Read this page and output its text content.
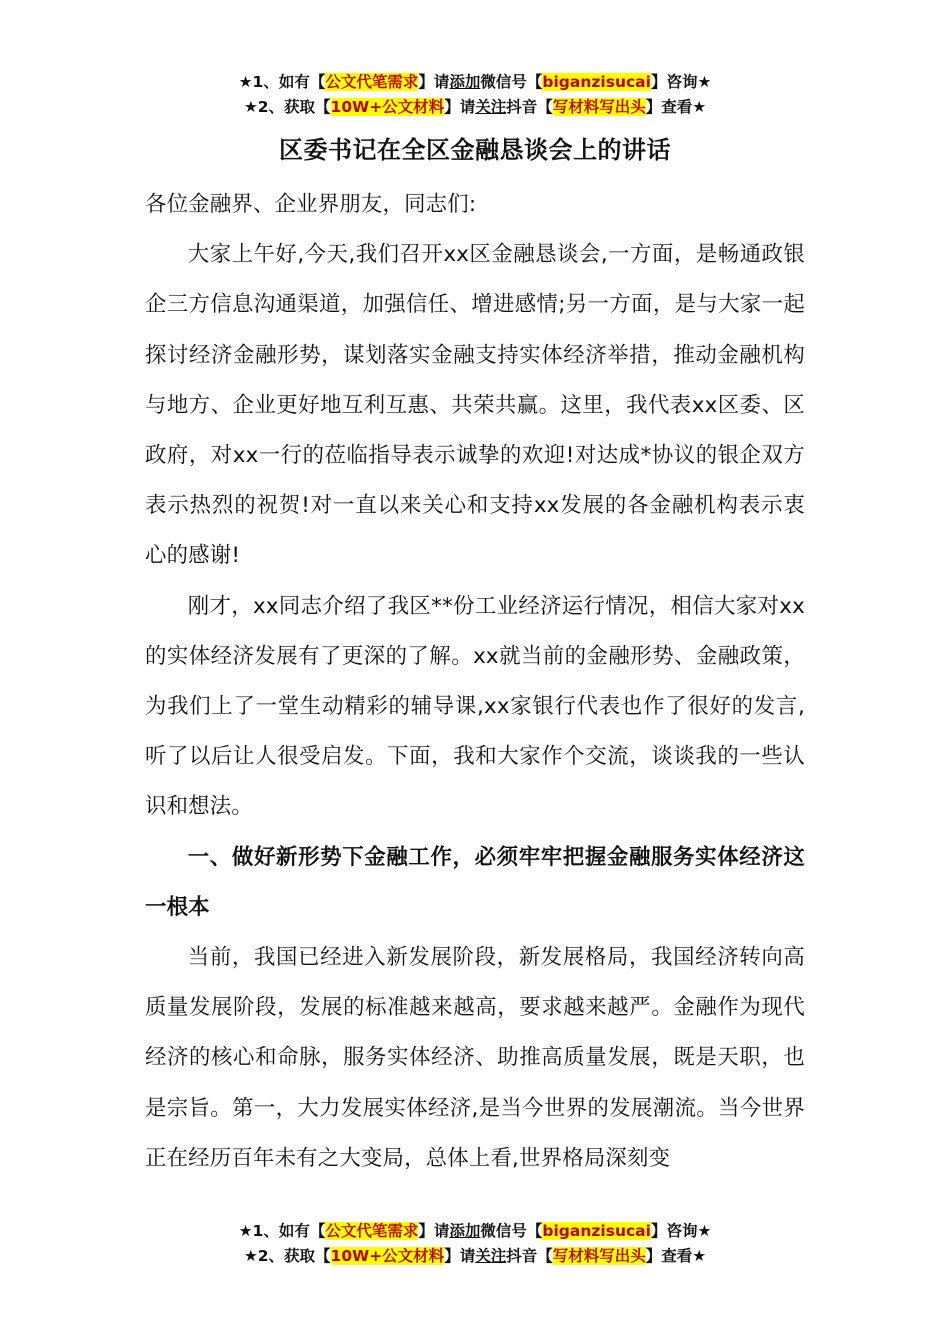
★1、如有【公文代笔需求】请添加微信号【biganzisucai】咨询★
★2、获取【10W+公文材料】请关注抖音【写材料写出头】查看★
区委书记在全区金融恳谈会上的讲话

各位金融界、企业界朋友，同志们:

大家上午好,今天,我们召开xx区金融恳谈会,一方面，是畅通政银企三方信息沟通渠道，加强信任、增进感情;另一方面，是与大家一起探讨经济金融形势，谋划落实金融支持实体经济举措，推动金融机构与地方、企业更好地互利互惠、共荣共赢。这里，我代表xx区委、区政府，对xx一行的莅临指导表示诚挚的欢迎!对达成*协议的银企双方表示热烈的祝贺!对一直以来关心和支持xx发展的各金融机构表示衷心的感谢!

刚才，xx同志介绍了我区**份工业经济运行情况，相信大家对xx的实体经济发展有了更深的了解。xx就当前的金融形势、金融政策，为我们上了一堂生动精彩的辅导课,xx家银行代表也作了很好的发言,听了以后让人很受启发。下面，我和大家作个交流，谈谈我的一些认识和想法。

一、做好新形势下金融工作，必须牢牢把握金融服务实体经济这一根本

当前，我国已经进入新发展阶段，新发展格局，我国经济转向高质量发展阶段，发展的标准越来越高，要求越来越严。金融作为现代经济的核心和命脉，服务实体经济、助推高质量发展，既是天职，也是宗旨。第一，大力发展实体经济,是当今世界的发展潮流。当今世界正在经历百年未有之大变局，总体上看,世界格局深刻变

★1、如有【公文代笔需求】请添加微信号【biganzisucai】咨询★
★2、获取【10W+公文材料】请关注抖音【写材料写出头】查看★
